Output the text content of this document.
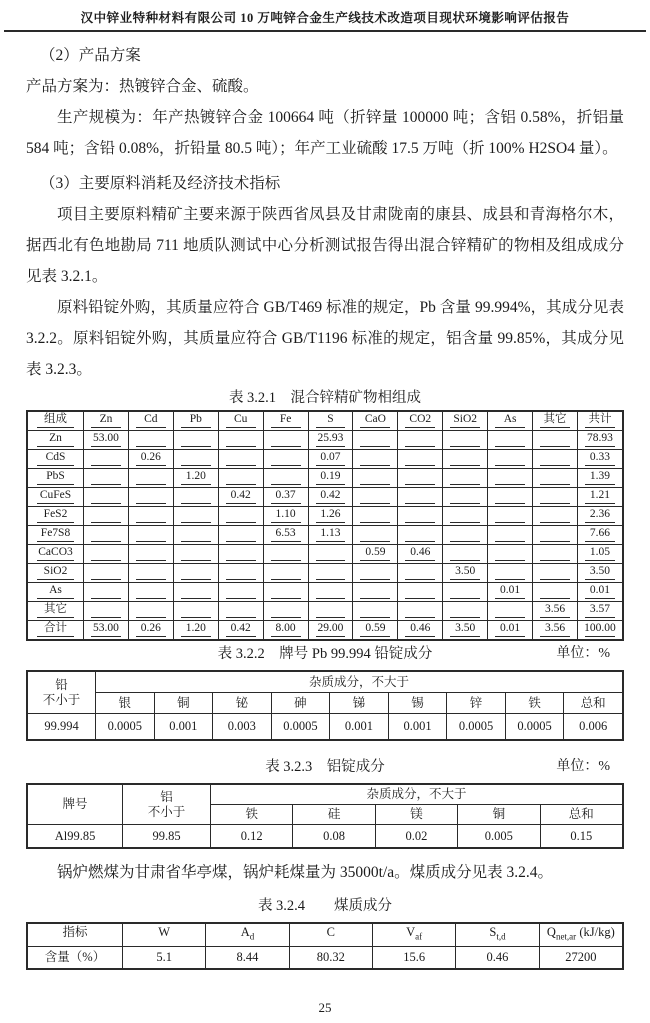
汉中锌业特种材料有限公司 10 万吨锌合金生产线技术改造项目现状环境影响评估报告
（2）产品方案

产品方案为：热镀锌合金、硫酸。

生产规模为：年产热镀锌合金 100664 吨（折锌量 100000 吨；含铝 0.58%，折铝量 584 吨；含铅 0.08%，折铅量 80.5 吨）；年产工业硫酸 17.5 万吨（折 100% H2SO4 量）。

（3）主要原料消耗及经济技术指标

项目主要原料精矿主要来源于陕西省凤县及甘肃陇南的康县、成县和青海格尔木，据西北有色地勘局 711 地质队测试中心分析测试报告得出混合锌精矿的物相及组成成分见表 3.2.1。

原料铅锭外购，其质量应符合 GB/T469 标准的规定，Pb 含量 99.994%，其成分见表 3.2.2。原料铝锭外购，其质量应符合 GB/T1196 标准的规定，铝含量 99.85%，其成分见表 3.2.3。

表 3.2.1　混合锌精矿物相组成
组成	Zn	Cd	Pb	Cu	Fe	S	CaO	CO2	SiO2	As	其它	共计

Zn	53.00					25.93						78.93

CdS		0.26				0.07						0.33

PbS			1.20			0.19						1.39

CuFeS				0.42	0.37	0.42						1.21

FeS2					1.10	1.26						2.36

Fe7S8					6.53	1.13						7.66

CaCO3							0.59	0.46				1.05

SiO2									3.50			3.50

As										0.01		0.01

其它											3.56	3.57

合计	53.00	0.26	1.20	0.42	8.00	29.00	0.59	0.46	3.50	0.01	3.56	100.00
表 3.2.2　牌号 Pb 99.994 铅锭成分	单位：%
铅
不小于	杂质成分，不大于								
	银	铜	铋	砷	锑	锡	锌	铁	总和
99.994	0.0005	0.001	0.003	0.0005	0.001	0.001	0.0005	0.0005	0.006
表 3.2.3　铝锭成分	单位：%
牌号	铝
不小于	杂质成分，不大于				
		铁	硅	镁	铜	总和
Al99.85	99.85	0.12	0.08	0.02	0.005	0.15

锅炉燃煤为甘肃省华亭煤，锅炉耗煤量为 35000t/a。煤质成分见表 3.2.4。

表 3.2.4　　煤质成分
指标	W	$A_d$	C	$V_{af}$	$S_{t,d}$	$Q_{net,ar}$ (kJ/kg)
含量（%）	5.1	8.44	80.32	15.6	0.46	27200
25
